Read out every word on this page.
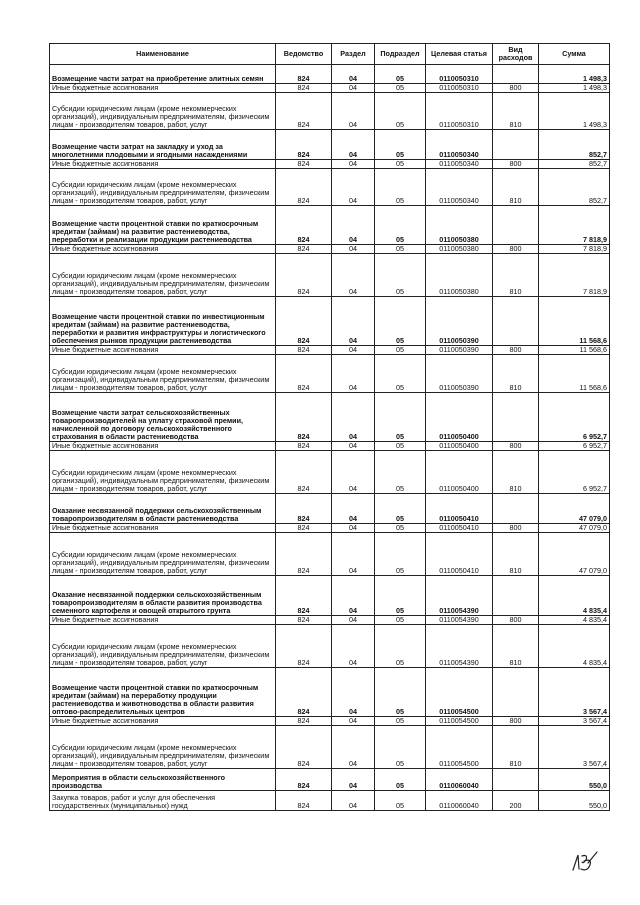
Наименование	Ведомство	Раздел	Подраздел	Целевая статья	Вид расходов	Сумма
Возмещение части затрат на приобретение элитных семян	824	04	05	0110050310		1 498,3
Иные бюджетные ассигнования	824	04	05	0110050310	800	1 498,3
Субсидии юридическим лицам (кроме некоммерческих организаций), индивидуальным предпринимателям, физическим лицам - производителям товаров, работ, услуг	824	04	05	0110050310	810	1 498,3
Возмещение части затрат на закладку и уход за многолетними плодовыми и ягодными насаждениями	824	04	05	0110050340		852,7
Иные бюджетные ассигнования	824	04	05	0110050340	800	852,7
Субсидии юридическим лицам (кроме некоммерческих организаций), индивидуальным предпринимателям, физическим лицам - производителям товаров, работ, услуг	824	04	05	0110050340	810	852,7
Возмещение части процентной ставки по краткосрочным кредитам (займам) на развитие растениеводства, переработки и реализации продукции растениеводства	824	04	05	0110050380		7 818,9
Иные бюджетные ассигнования	824	04	05	0110050380	800	7 818,9
Субсидии юридическим лицам (кроме некоммерческих организаций), индивидуальным предпринимателям, физическим лицам - производителям товаров, работ, услуг	824	04	05	0110050380	810	7 818,9
Возмещение части процентной ставки по инвестиционным кредитам (займам) на развитие растениеводства, переработки и развития инфраструктуры и логистического обеспечения рынков продукции растениеводства	824	04	05	0110050390		11 568,6
Иные бюджетные ассигнования	824	04	05	0110050390	800	11 568,6
Субсидии юридическим лицам (кроме некоммерческих организаций), индивидуальным предпринимателям, физическим лицам - производителям товаров, работ, услуг	824	04	05	0110050390	810	11 568,6
Возмещение части затрат сельскохозяйственных товаропроизводителей на уплату страховой премии, начисленной по договору сельскохозяйственного страхования в области растениеводства	824	04	05	0110050400		6 952,7
Иные бюджетные ассигнования	824	04	05	0110050400	800	6 952,7
Субсидии юридическим лицам (кроме некоммерческих организаций), индивидуальным предпринимателям, физическим лицам - производителям товаров, работ, услуг	824	04	05	0110050400	810	6 952,7
Оказание несвязанной поддержки сельскохозяйственным товаропроизводителям в области растениеводства	824	04	05	0110050410		47 079,0
Иные бюджетные ассигнования	824	04	05	0110050410	800	47 079,0
Субсидии юридическим лицам (кроме некоммерческих организаций), индивидуальным предпринимателям, физическим лицам - производителям товаров, работ, услуг	824	04	05	0110050410	810	47 079,0
Оказание несвязанной поддержки сельскохозяйственным товаропроизводителям в области развития производства семенного картофеля и овощей открытого грунта	824	04	05	0110054390		4 835,4
Иные бюджетные ассигнования	824	04	05	0110054390	800	4 835,4
Субсидии юридическим лицам (кроме некоммерческих организаций), индивидуальным предпринимателям, физическим лицам - производителям товаров, работ, услуг	824	04	05	0110054390	810	4 835,4
Возмещение части процентной ставки по краткосрочным кредитам (займам) на переработку продукции растениеводства и животноводства в области развития оптово-распределительных центров	824	04	05	0110054500		3 567,4
Иные бюджетные ассигнования	824	04	05	0110054500	800	3 567,4
Субсидии юридическим лицам (кроме некоммерческих организаций), индивидуальным предпринимателям, физическим лицам - производителям товаров, работ, услуг	824	04	05	0110054500	810	3 567,4
Мероприятия в области сельскохозяйственного производства	824	04	05	0110060040		550,0
Закупка товаров, работ и услуг для обеспечения государственных (муниципальных) нужд	824	04	05	0110060040	200	550,0
